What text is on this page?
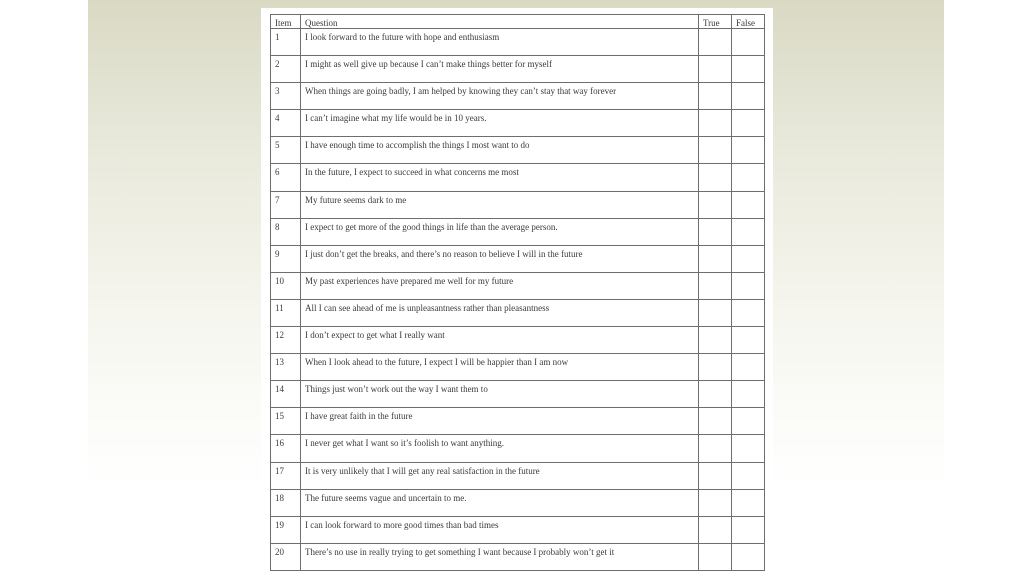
Item	Question	True	False
1	I look forward to the future with hope and enthusiasm		
2	I might as well give up because I can’t make things better for myself		
3	When things are going badly, I am helped by knowing they can’t stay that way forever		
4	I can’t imagine what my life would be in 10 years.		
5	I have enough time to accomplish the things I most want to do		
6	In the future, I expect to succeed in what concerns me most		
7	My future seems dark to me		
8	I expect to get more of the good things in life than the average person.		
9	I just don’t get the breaks, and there’s no reason to believe I will in the future		
10	My past experiences have prepared me well for my future		
11	All I can see ahead of me is unpleasantness rather than pleasantness		
12	I don’t expect to get what I really want		
13	When I look ahead to the future, I expect I will be happier than I am now		
14	Things just won’t work out the way I want them to		
15	I have great faith in the future		
16	I never get what I want so it’s foolish to want anything.		
17	It is very unlikely that I will get any real satisfaction in the future		
18	The future seems vague and uncertain to me.		
19	I can look forward to more good times than bad times		
20	There’s no use in really trying to get something I want because I probably won’t get it		
